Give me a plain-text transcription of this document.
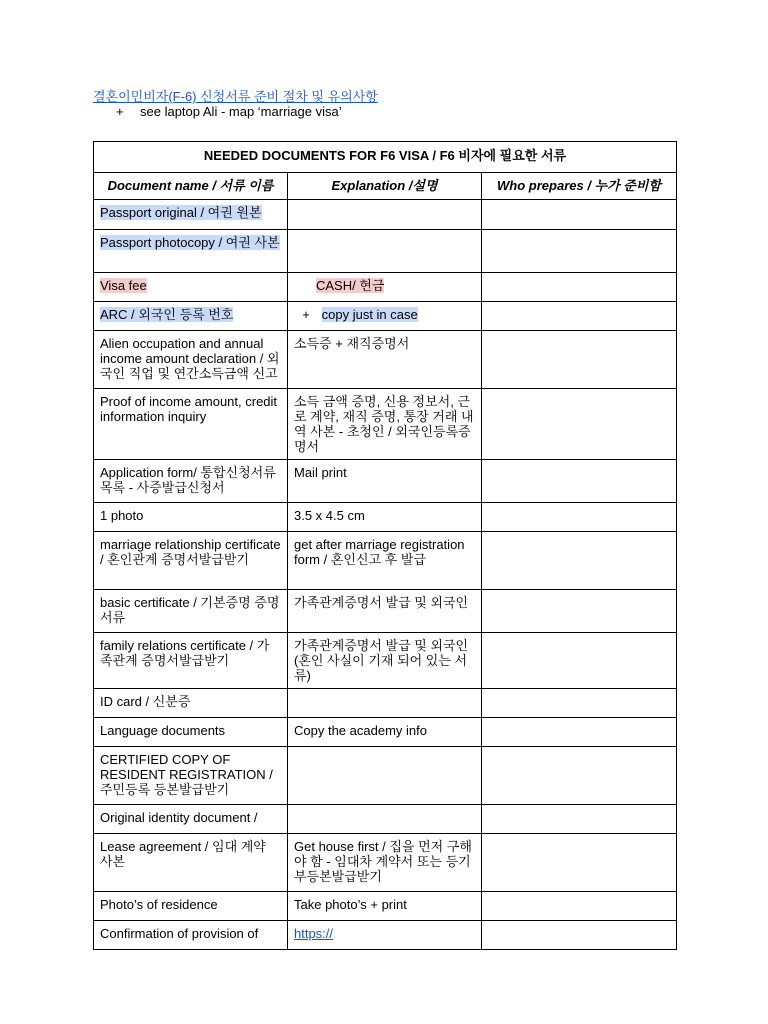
결혼이민비자(F-6) 신청서류 준비 절차 및 유의사항
+ see laptop Ali - map ‘marriage visa’
NEEDED DOCUMENTS FOR F6 VISA / F6 비자에 필요한 서류		
Document name / 서류 이름	Explanation /설명	Who prepares / 누가 준비함
Passport original / 여권 원본		
Passport photocopy / 여권 사본		
Visa fee	CASH/ 현금	
ARC / 외국인 등록 번호	+ copy just in case	
Alien occupation and annual income amount declaration / 외국인 직업 및 연간소득금액 신고	소득증 + 재직증명서	
Proof of income amount, credit information inquiry	소득 금액 증명, 신용 정보서, 근로 계약, 재직 증명, 통장 거래 내역 사본 - 초청인 / 외국인등록증명서	
Application form/ 통합신청서류목록 - 사증발급신청서	Mail print	
1 photo	3.5 x 4.5 cm	
marriage relationship certificate / 혼인관계 증명서발급받기	get after marriage registration form / 혼인신고 후 발급	
basic certificate / 기본증명 증명서류	가족관계증명서 발급 및 외국인	
family relations certificate / 가족관계 증명서발급받기	가족관계증명서 발급 및 외국인 (혼인 사실이 기재 되어 있는 서류)	
ID card / 신분증		
Language documents	Copy the academy info	
CERTIFIED COPY OF RESIDENT REGISTRATION / 주민등록 등본발급받기		
Original identity document /		
Lease agreement / 임대 계약 사본	Get house first / 집을 먼저 구해야 함 - 임대차 계약서 또는 등기 부등본발급받기	
Photo’s of residence	Take photo’s + print	
Confirmation of provision of	https://	
